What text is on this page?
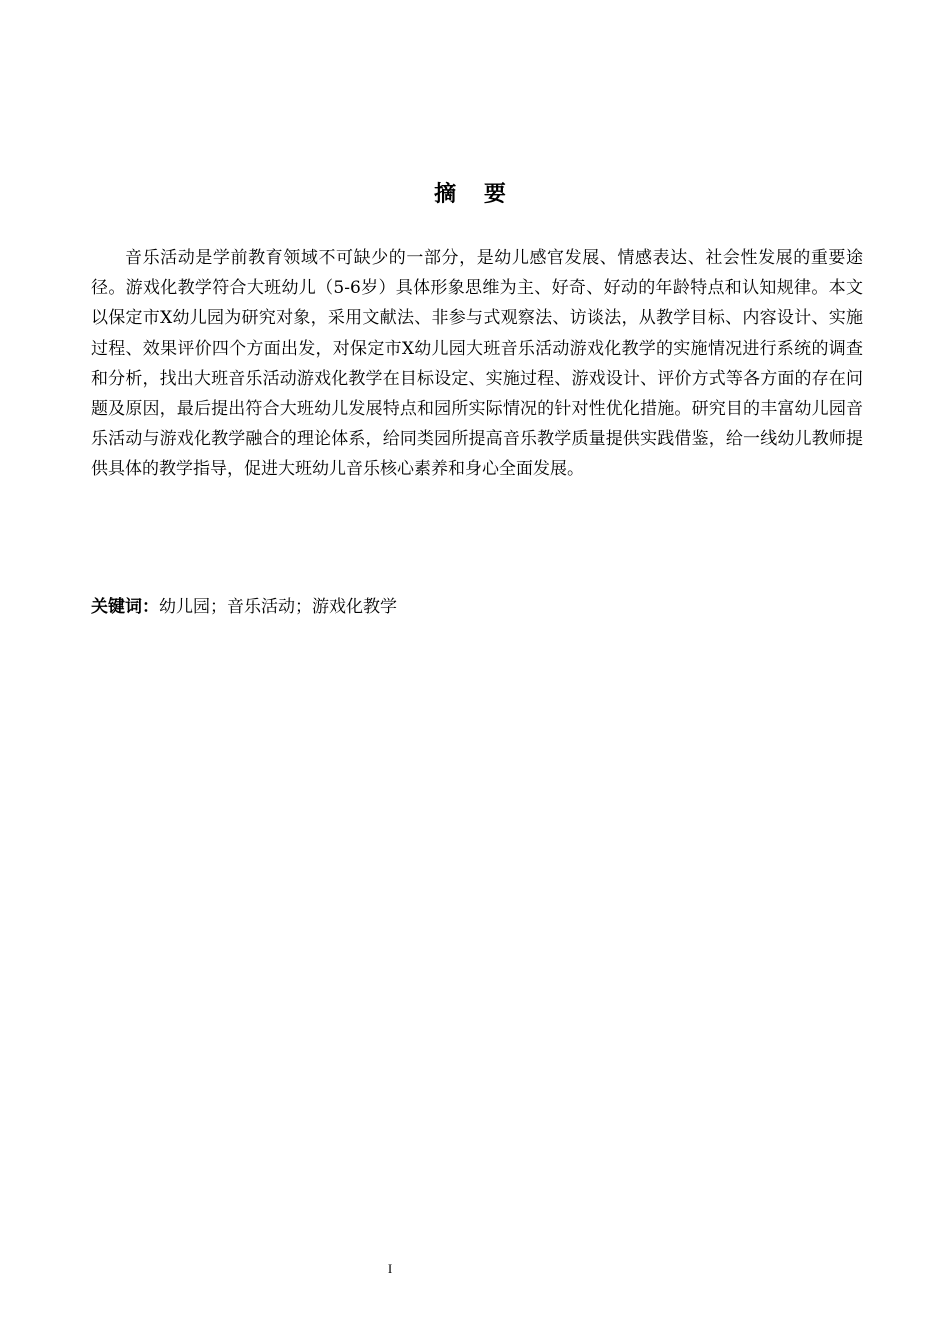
摘 要

音乐活动是学前教育领域不可缺少的一部分，是幼儿感官发展、情感表达、社会性发展的重要途径。游戏化教学符合大班幼儿（5-6岁）具体形象思维为主、好奇、好动的年龄特点和认知规律。本文以保定市X幼儿园为研究对象，采用文献法、非参与式观察法、访谈法，从教学目标、内容设计、实施过程、效果评价四个方面出发，对保定市X幼儿园大班音乐活动游戏化教学的实施情况进行系统的调查和分析，找出大班音乐活动游戏化教学在目标设定、实施过程、游戏设计、评价方式等各方面的存在问题及原因，最后提出符合大班幼儿发展特点和园所实际情况的针对性优化措施。研究目的丰富幼儿园音乐活动与游戏化教学融合的理论体系，给同类园所提高音乐教学质量提供实践借鉴，给一线幼儿教师提供具体的教学指导，促进大班幼儿音乐核心素养和身心全面发展。

关键词：幼儿园；音乐活动；游戏化教学
I
